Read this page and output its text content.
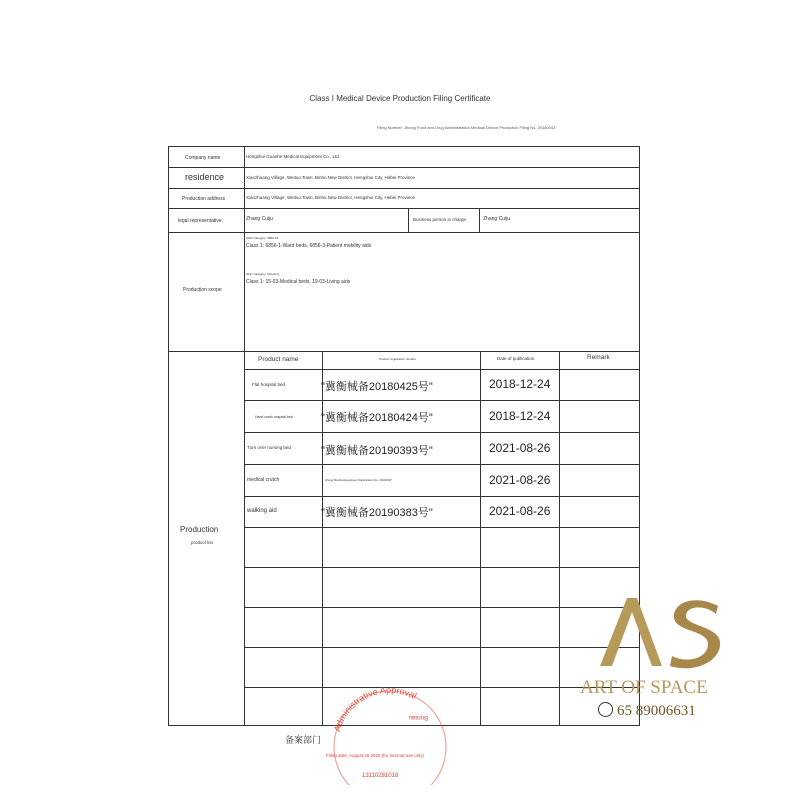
Class I Medical Device Production Filing Certificate
Filing Number: Jihong Food and Drug Administration Medical Device Production Filing No. 20180043
Company name	Hengshui Guanhe Medical Equipment Co., Ltd.
residence	Xiaozhuang Village, Weituo Town, Binhu New District, Hengshui City, Hebei Province
Production address	Xiaozhuang Village, Weituo Town, Binhu New District, Hengshui City, Hebei Province
legal representative	Zhang Cuiju	Business person in charge	Zhang Cuiju
Production scope
2002 Category: 6856-03
Class 1: 6856-1-Ward beds, 6856-3-Patient mobility aids
2017 Category: Directory
Class 1: 15-03-Medical beds, 19-03-Living aids
Production
product list
Product name	Product registration number	Date of publication	Remark
Flat hospital bed	"冀衡械备20180425号"	2018-12-24
Hand crank hospital bed	"冀衡械备20180424号"	2018-12-24
Turn over nursing bed	"冀衡械备20190393号"	2021-08-26
medical crutch	Jihong Medical Equipment Registration No. 20190407	2021-08-26
walking aid	"冀衡械备20190383号"	2021-08-26
备案部门
Administrative Approval
Bureau
Filing date: August 26 2020 (for internal use only)
13110281018
ART OF SPACE
65 89006631
